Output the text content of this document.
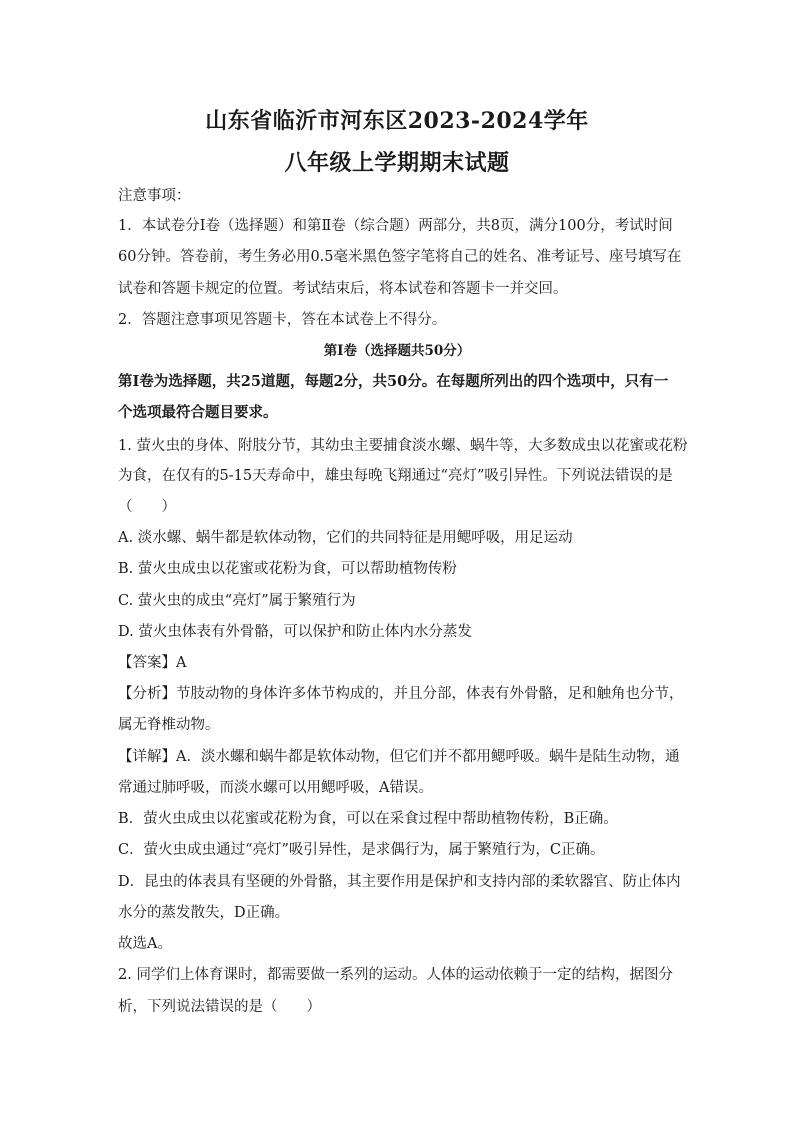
山东省临沂市河东区2023-2024学年
八年级上学期期末试题
注意事项：
1．本试卷分Ⅰ卷（选择题）和第Ⅱ卷（综合题）两部分，共8页，满分100分，考试时间
60分钟。答卷前，考生务必用0.5毫米黑色签字笔将自己的姓名、准考证号、座号填写在
试卷和答题卡规定的位置。考试结束后，将本试卷和答题卡一并交回。
2．答题注意事项见答题卡，答在本试卷上不得分。
第Ⅰ卷（选择题共50分）
第Ⅰ卷为选择题，共25道题，每题2分，共50分。在每题所列出的四个选项中，只有一
个选项最符合题目要求。
1. 萤火虫的身体、附肢分节，其幼虫主要捕食淡水螺、蜗牛等，大多数成虫以花蜜或花粉
为食，在仅有的5-15天寿命中，雄虫每晚飞翔通过“亮灯”吸引异性。下列说法错误的是
（　　）
A. 淡水螺、蜗牛都是软体动物，它们的共同特征是用鳃呼吸，用足运动
B. 萤火虫成虫以花蜜或花粉为食，可以帮助植物传粉
C. 萤火虫的成虫“亮灯”属于繁殖行为
D. 萤火虫体表有外骨骼，可以保护和防止体内水分蒸发
【答案】A
【分析】节肢动物的身体许多体节构成的，并且分部，体表有外骨骼，足和触角也分节，
属无脊椎动物。
【详解】A．淡水螺和蜗牛都是软体动物，但它们并不都用鳃呼吸。蜗牛是陆生动物，通
常通过肺呼吸，而淡水螺可以用鳃呼吸，A错误。
B．萤火虫成虫以花蜜或花粉为食，可以在采食过程中帮助植物传粉，B正确。
C．萤火虫成虫通过“亮灯”吸引异性，是求偶行为，属于繁殖行为，C正确。
D．昆虫的体表具有坚硬的外骨骼，其主要作用是保护和支持内部的柔软器官、防止体内
水分的蒸发散失，D正确。
故选A。
2. 同学们上体育课时，都需要做一系列的运动。人体的运动依赖于一定的结构，据图分
析，下列说法错误的是（　　）
